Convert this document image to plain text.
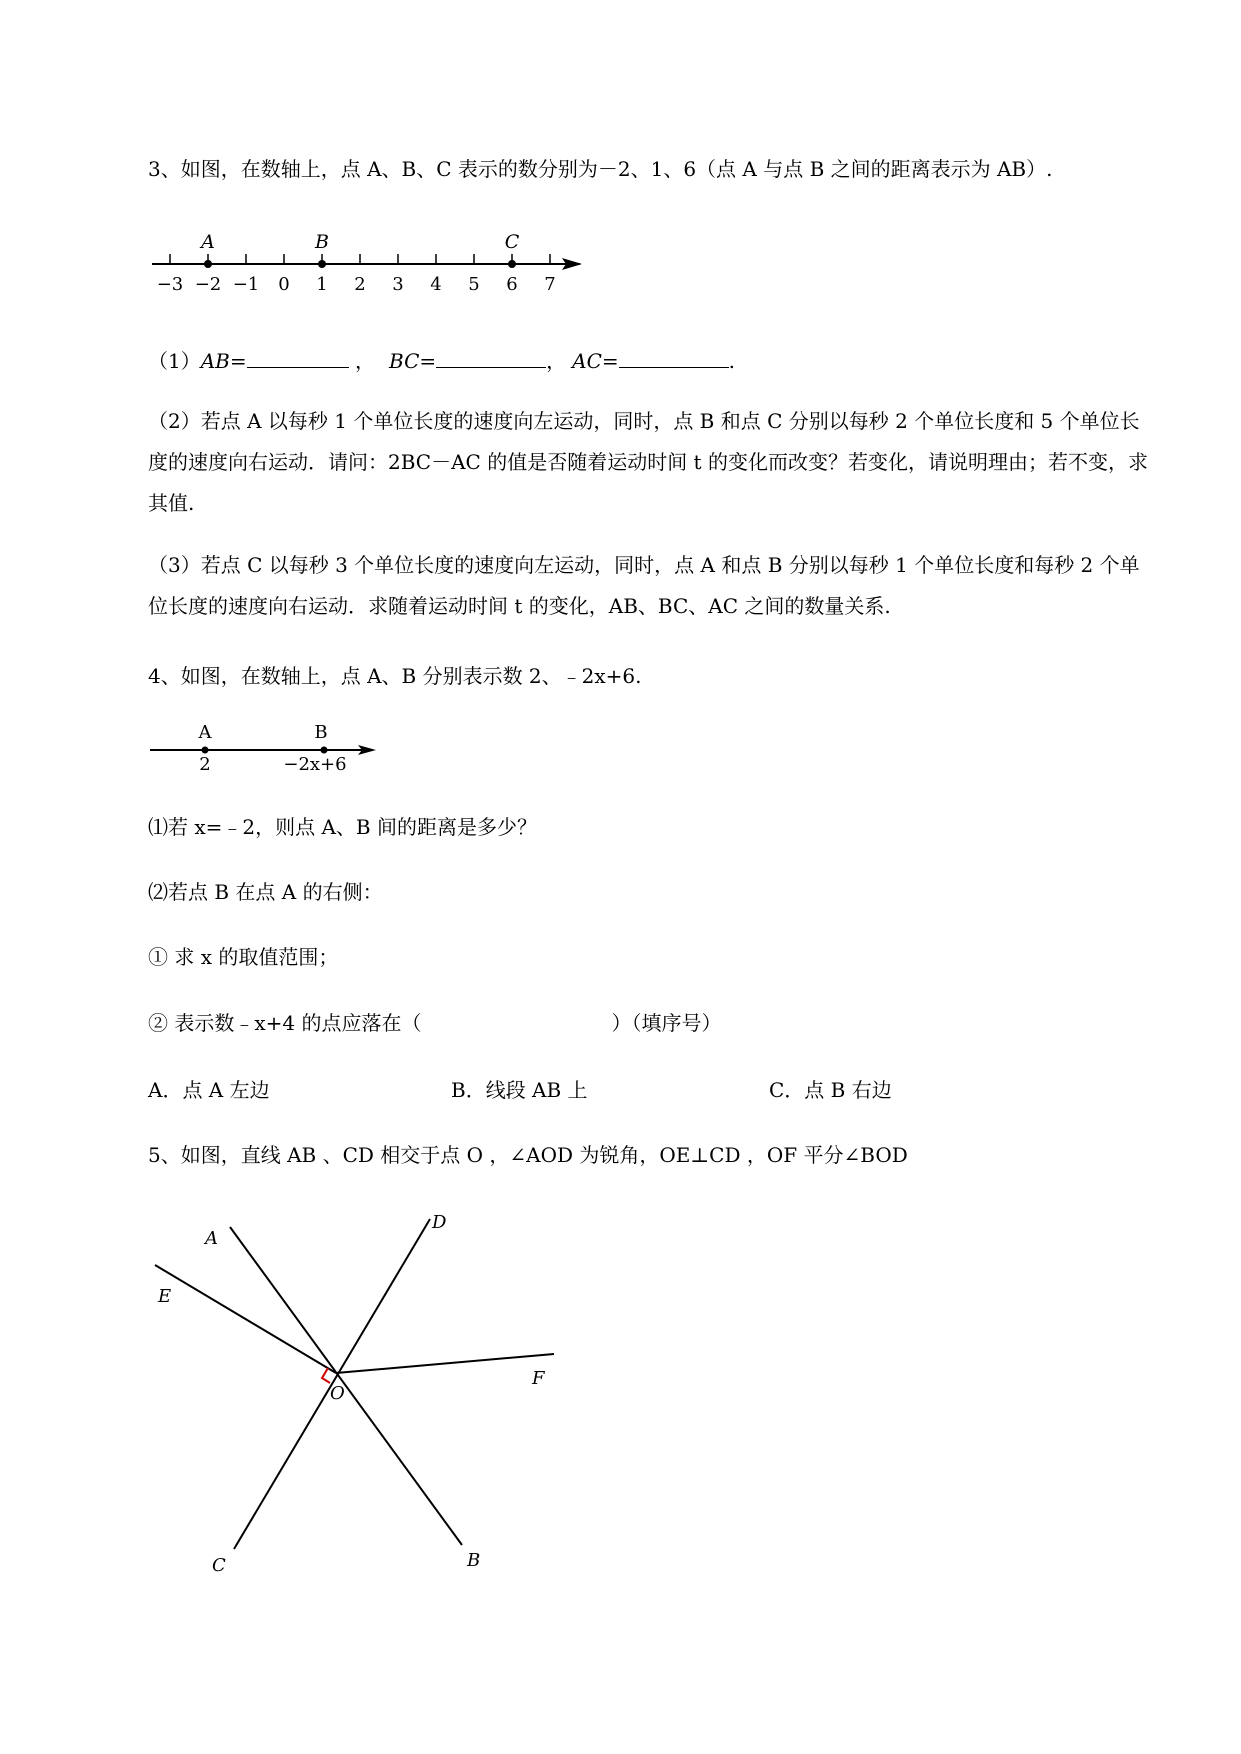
3、如图，在数轴上，点 A、B、C 表示的数分别为－2、1、6（点 A 与点 B 之间的距离表示为 AB）.
A	B	C
−3 −2 −1 0 1 2 3 4 5 6 7
（1）AB=	， BC=	， AC=	.
（2）若点 A 以每秒 1 个单位长度的速度向左运动，同时，点 B 和点 C 分别以每秒 2 个单位长度和 5 个单位长度的速度向右运动．请问：2BC－AC 的值是否随着运动时间 t 的变化而改变？若变化，请说明理由；若不变，求其值.
（3）若点 C 以每秒 3 个单位长度的速度向左运动，同时，点 A 和点 B 分别以每秒 1 个单位长度和每秒 2 个单位长度的速度向右运动．求随着运动时间 t 的变化，AB、BC、AC 之间的数量关系.
4、如图，在数轴上，点 A、B 分别表示数 2、﹣2x+6.
A	B
2	−2x+6
⑴若 x=﹣2，则点 A、B 间的距离是多少？
⑵若点 B 在点 A 的右侧：
① 求 x 的取值范围；
② 表示数﹣x+4 的点应落在（	）（填序号）
A．点 A 左边	B．线段 AB 上	C．点 B 右边
5、如图，直线 AB 、CD 相交于点 O ，∠AOD 为锐角，OE⊥CD ，OF 平分∠BOD
A
B
C
D
E
F
O
